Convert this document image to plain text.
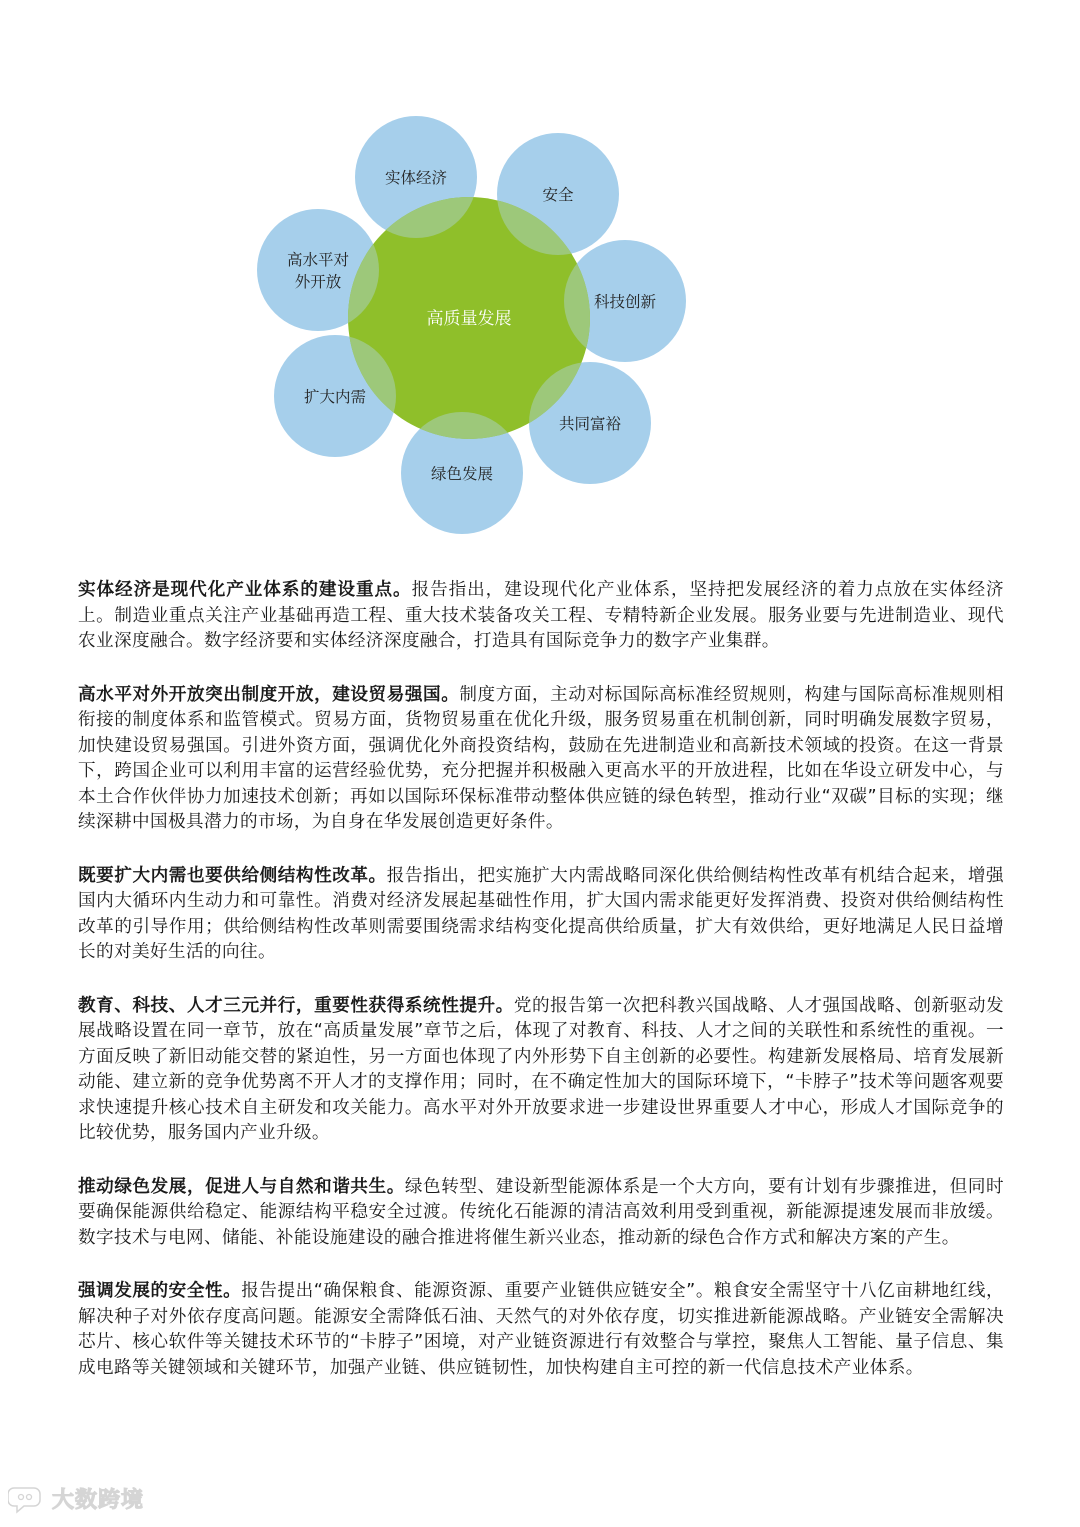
高质量发展
实体经济
安全
科技创新
共同富裕
绿色发展
扩大内需
高水平对
外开放

实体经济是现代化产业体系的建设重点。报告指出，建设现代化产业体系，坚持把发展经济的着力点放在实体经济上。制造业重点关注产业基础再造工程、重大技术装备攻关工程、专精特新企业发展。服务业要与先进制造业、现代农业深度融合。数字经济要和实体经济深度融合，打造具有国际竞争力的数字产业集群。

高水平对外开放突出制度开放，建设贸易强国。制度方面，主动对标国际高标准经贸规则，构建与国际高标准规则相衔接的制度体系和监管模式。贸易方面，货物贸易重在优化升级，服务贸易重在机制创新，同时明确发展数字贸易，加快建设贸易强国。引进外资方面，强调优化外商投资结构，鼓励在先进制造业和高新技术领域的投资。在这一背景下，跨国企业可以利用丰富的运营经验优势，充分把握并积极融入更高水平的开放进程，比如在华设立研发中心，与本土合作伙伴协力加速技术创新；再如以国际环保标准带动整体供应链的绿色转型，推动行业“双碳”目标的实现；继续深耕中国极具潜力的市场，为自身在华发展创造更好条件。

既要扩大内需也要供给侧结构性改革。报告指出，把实施扩大内需战略同深化供给侧结构性改革有机结合起来，增强国内大循环内生动力和可靠性。消费对经济发展起基础性作用，扩大国内需求能更好发挥消费、投资对供给侧结构性改革的引导作用；供给侧结构性改革则需要围绕需求结构变化提高供给质量，扩大有效供给，更好地满足人民日益增长的对美好生活的向往。

教育、科技、人才三元并行，重要性获得系统性提升。党的报告第一次把科教兴国战略、人才强国战略、创新驱动发展战略设置在同一章节，放在“高质量发展”章节之后，体现了对教育、科技、人才之间的关联性和系统性的重视。一方面反映了新旧动能交替的紧迫性，另一方面也体现了内外形势下自主创新的必要性。构建新发展格局、培育发展新动能、建立新的竞争优势离不开人才的支撑作用；同时，在不确定性加大的国际环境下，“卡脖子”技术等问题客观要求快速提升核心技术自主研发和攻关能力。高水平对外开放要求进一步建设世界重要人才中心，形成人才国际竞争的比较优势，服务国内产业升级。

推动绿色发展，促进人与自然和谐共生。绿色转型、建设新型能源体系是一个大方向，要有计划有步骤推进，但同时要确保能源供给稳定、能源结构平稳安全过渡。传统化石能源的清洁高效利用受到重视，新能源提速发展而非放缓。数字技术与电网、储能、补能设施建设的融合推进将催生新兴业态，推动新的绿色合作方式和解决方案的产生。

强调发展的安全性。报告提出“确保粮食、能源资源、重要产业链供应链安全”。粮食安全需坚守十八亿亩耕地红线，解决种子对外依存度高问题。能源安全需降低石油、天然气的对外依存度，切实推进新能源战略。产业链安全需解决芯片、核心软件等关键技术环节的“卡脖子”困境，对产业链资源进行有效整合与掌控，聚焦人工智能、量子信息、集成电路等关键领域和关键环节，加强产业链、供应链韧性，加快构建自主可控的新一代信息技术产业体系。

大数跨境
